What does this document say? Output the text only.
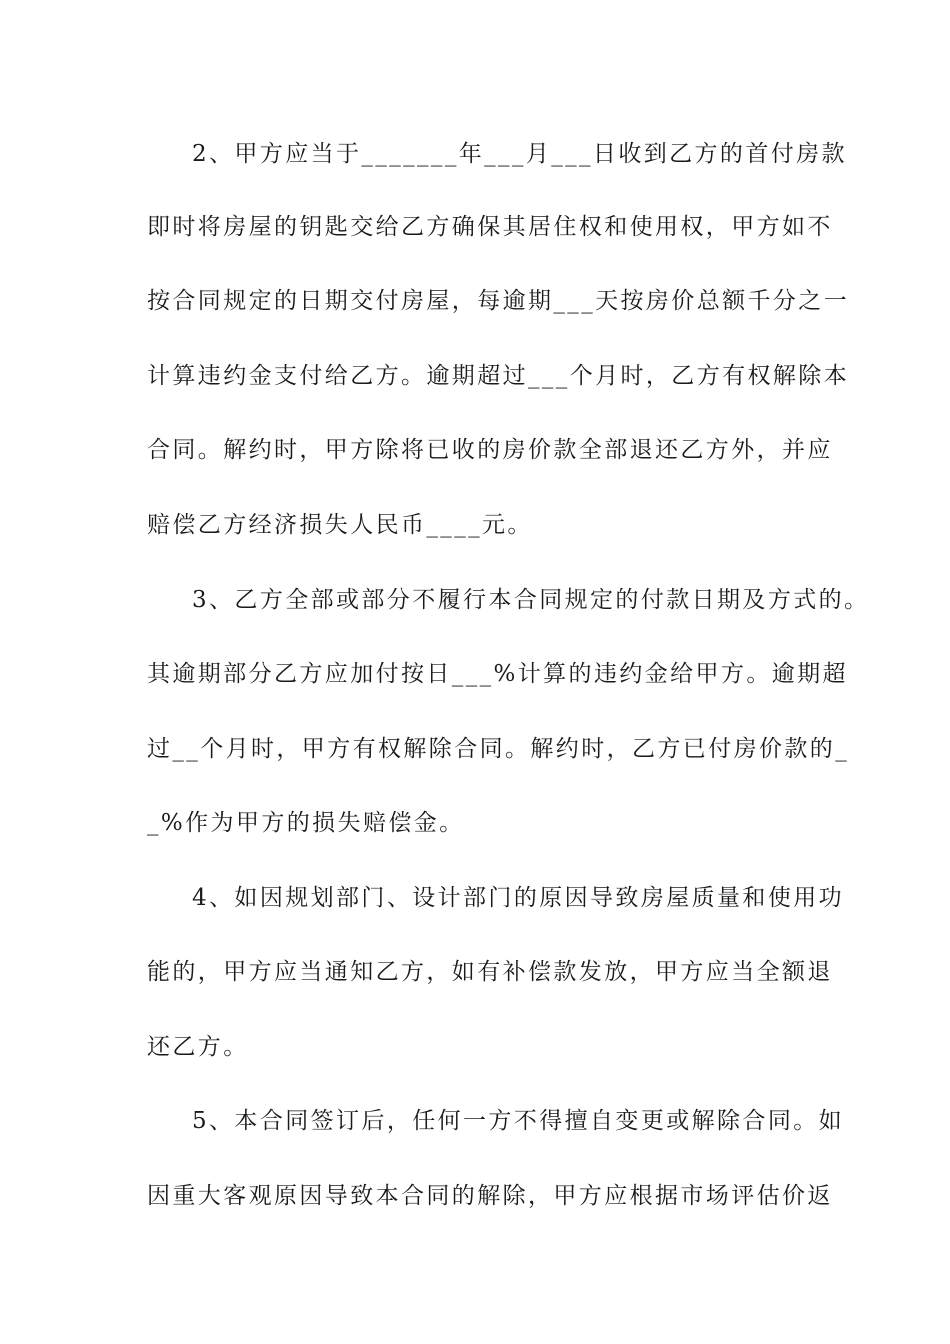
2、甲方应当于_______年___月___日收到乙方的首付房款
即时将房屋的钥匙交给乙方确保其居住权和使用权，甲方如不
按合同规定的日期交付房屋，每逾期___天按房价总额千分之一
计算违约金支付给乙方。逾期超过___个月时，乙方有权解除本
合同。解约时，甲方除将已收的房价款全部退还乙方外，并应
赔偿乙方经济损失人民币____元。
3、乙方全部或部分不履行本合同规定的付款日期及方式的。
其逾期部分乙方应加付按日___%计算的违约金给甲方。逾期超
过__个月时，甲方有权解除合同。解约时，乙方已付房价款的_
_%作为甲方的损失赔偿金。
4、如因规划部门、设计部门的原因导致房屋质量和使用功
能的，甲方应当通知乙方，如有补偿款发放，甲方应当全额退
还乙方。
5、本合同签订后，任何一方不得擅自变更或解除合同。如
因重大客观原因导致本合同的解除，甲方应根据市场评估价返
